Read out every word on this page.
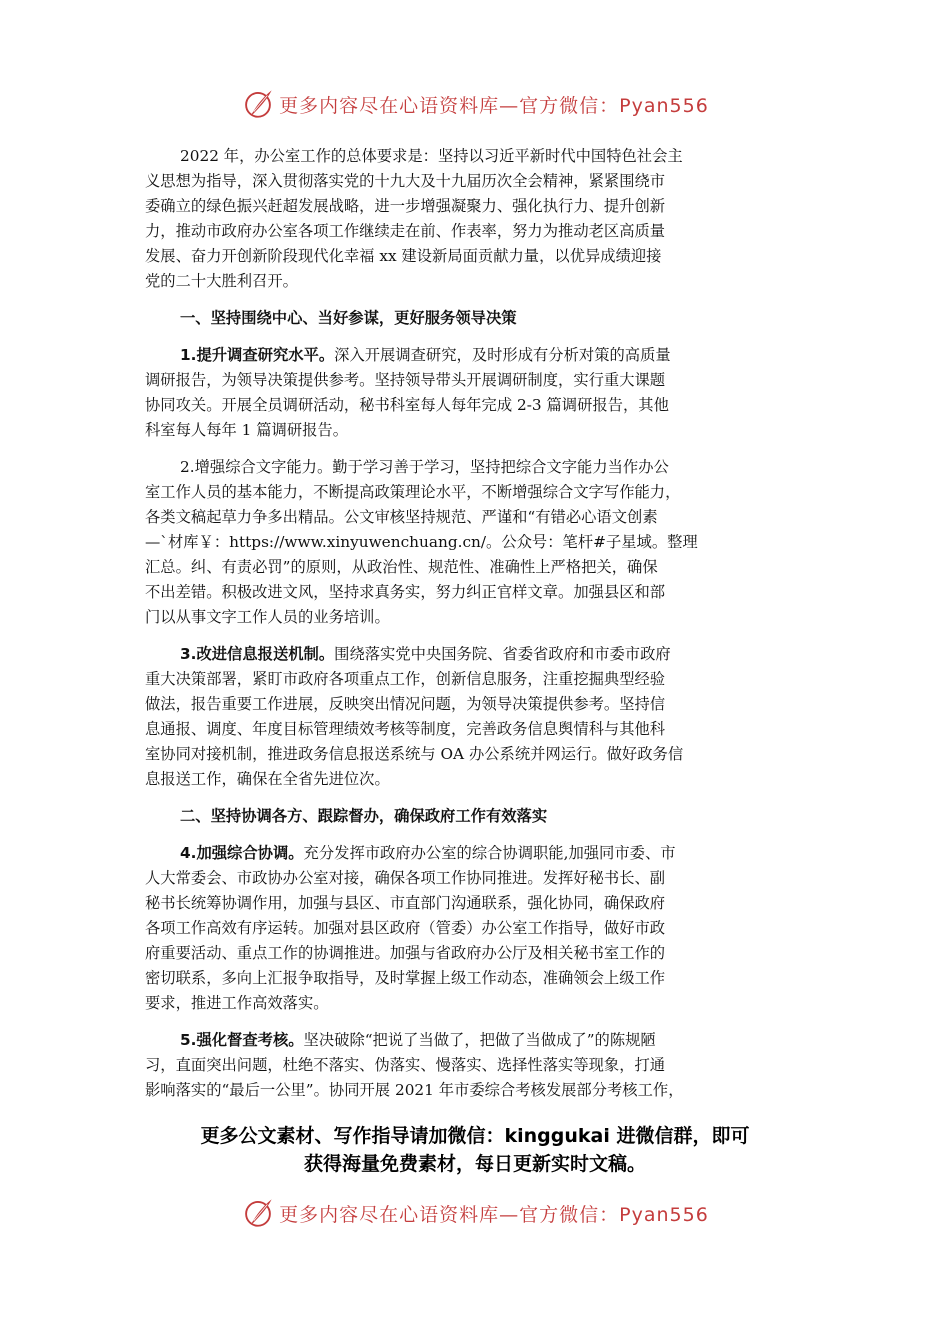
更多内容尽在心语资料库—官方微信：Pyan556
2022 年，办公室工作的总体要求是：坚持以习近平新时代中国特色社会主
义思想为指导，深入贯彻落实党的十九大及十九届历次全会精神，紧紧围绕市
委确立的绿色振兴赶超发展战略，进一步增强凝聚力、强化执行力、提升创新
力，推动市政府办公室各项工作继续走在前、作表率，努力为推动老区高质量
发展、奋力开创新阶段现代化幸福 xx 建设新局面贡献力量，以优异成绩迎接
党的二十大胜利召开。
一、坚持围绕中心、当好参谋，更好服务领导决策
1.提升调查研究水平。深入开展调查研究，及时形成有分析对策的高质量
调研报告，为领导决策提供参考。坚持领导带头开展调研制度，实行重大课题
协同攻关。开展全员调研活动，秘书科室每人每年完成 2-3 篇调研报告，其他
科室每人每年 1 篇调研报告。
2.增强综合文字能力。勤于学习善于学习，坚持把综合文字能力当作办公
室工作人员的基本能力，不断提高政策理论水平，不断增强综合文字写作能力，
各类文稿起草力争多出精品。公文审核坚持规范、严谨和“有错必心语文创素
—`材库￥：https://www.xinyuwenchuang.cn/。公众号：笔杆#子星域。整理
汇总。纠、有责必罚”的原则，从政治性、规范性、准确性上严格把关，确保
不出差错。积极改进文风，坚持求真务实，努力纠正官样文章。加强县区和部
门以从事文字工作人员的业务培训。
3.改进信息报送机制。围绕落实党中央国务院、省委省政府和市委市政府
重大决策部署，紧盯市政府各项重点工作，创新信息服务，注重挖掘典型经验
做法，报告重要工作进展，反映突出情况问题，为领导决策提供参考。坚持信
息通报、调度、年度目标管理绩效考核等制度，完善政务信息舆情科与其他科
室协同对接机制，推进政务信息报送系统与 OA 办公系统并网运行。做好政务信
息报送工作，确保在全省先进位次。
二、坚持协调各方、跟踪督办，确保政府工作有效落实
4.加强综合协调。充分发挥市政府办公室的综合协调职能,加强同市委、市
人大常委会、市政协办公室对接，确保各项工作协同推进。发挥好秘书长、副
秘书长统筹协调作用，加强与县区、市直部门沟通联系，强化协同，确保政府
各项工作高效有序运转。加强对县区政府（管委）办公室工作指导，做好市政
府重要活动、重点工作的协调推进。加强与省政府办公厅及相关秘书室工作的
密切联系，多向上汇报争取指导，及时掌握上级工作动态，准确领会上级工作
要求，推进工作高效落实。
5.强化督查考核。坚决破除“把说了当做了，把做了当做成了”的陈规陋
习，直面突出问题，杜绝不落实、伪落实、慢落实、选择性落实等现象，打通
影响落实的“最后一公里”。协同开展 2021 年市委综合考核发展部分考核工作，
更多公文素材、写作指导请加微信：kinggukai 进微信群，即可
获得海量免费素材，每日更新实时文稿。
更多内容尽在心语资料库—官方微信：Pyan556
